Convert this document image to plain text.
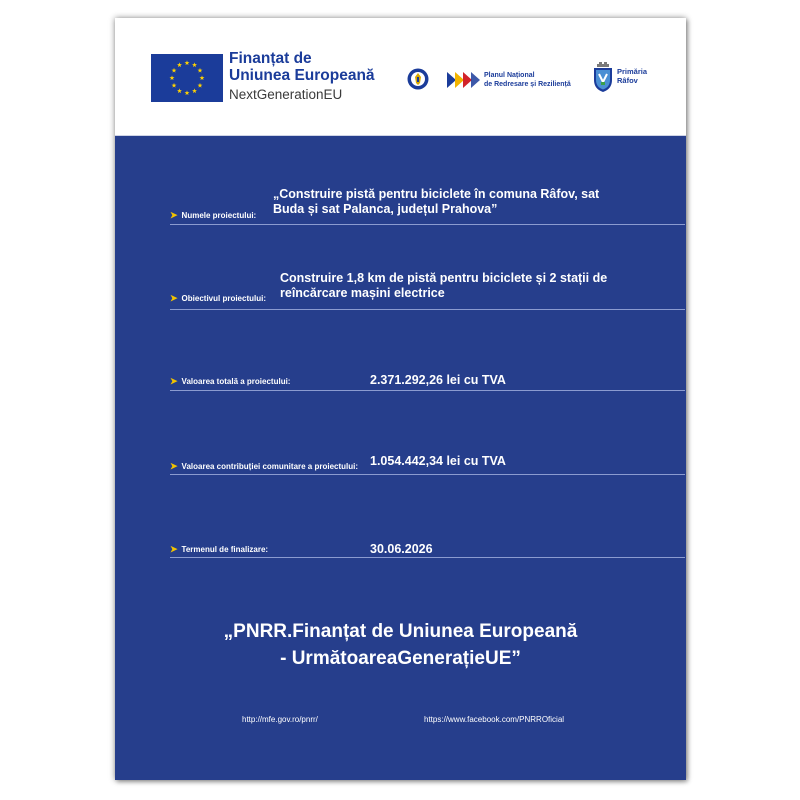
Finanțat de
Uniunea Europeană
NextGenerationEU
Planul Național
de Redresare și Reziliență
Primăria
Râfov
➤ Numele proiectului:
„Construire pistă pentru biciclete în comuna Râfov, sat
Buda și sat Palanca, județul Prahova”
➤ Obiectivul proiectului:
Construire 1,8 km de pistă pentru biciclete și 2 stații de
reîncărcare mașini electrice
➤ Valoarea totală a proiectului:	2.371.292,26 lei cu TVA
➤ Valoarea contribuției comunitare a proiectului: 1.054.442,34 lei cu TVA
➤ Termenul de finalizare:	30.06.2026
„PNRR.Finanțat de Uniunea Europeană
- UrmătoareaGenerațieUE”
http://mfe.gov.ro/pnrr/	https://www.facebook.com/PNRROficial
